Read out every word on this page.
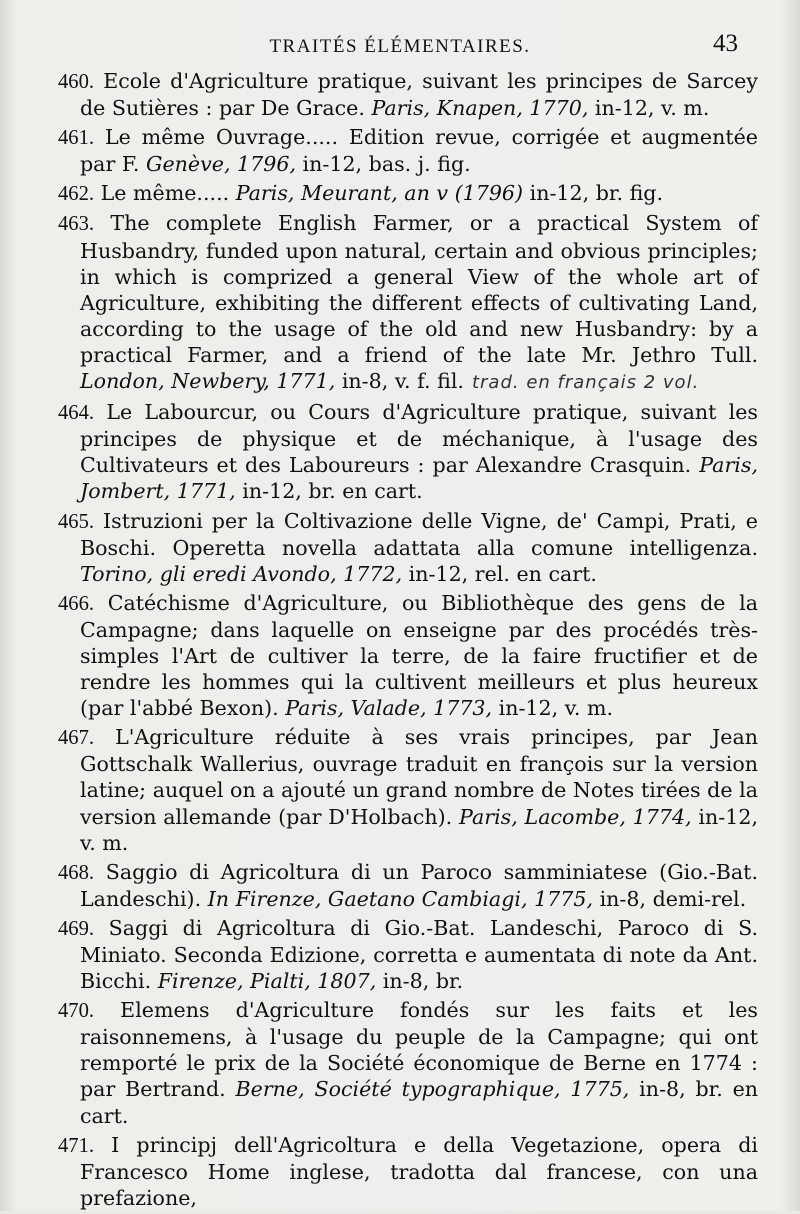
TRAITÉS ÉLÉMENTAIRES.	43

460. Ecole d'Agriculture pratique, suivant les principes de Sarcey de Sutières : par De Grace. Paris, Knapen, 1770, in-12, v. m.

461. Le même Ouvrage..... Edition revue, corrigée et augmentée par F. Genève, 1796, in-12, bas. j. fig.

462. Le même..... Paris, Meurant, an v (1796) in-12, br. fig.

463. The complete English Farmer, or a practical System of Husbandry, funded upon natural, certain and obvious principles; in which is comprized a general View of the whole art of Agriculture, exhibiting the different effects of cultivating Land, according to the usage of the old and new Husbandry: by a practical Farmer, and a friend of the late Mr. Jethro Tull. London, Newbery, 1771, in-8, v. f. fil. trad. en français 2 vol.

464. Le Labourcur, ou Cours d'Agriculture pratique, suivant les principes de physique et de méchanique, à l'usage des Cultivateurs et des Laboureurs : par Alexandre Crasquin. Paris, Jombert, 1771, in-12, br. en cart.

465. Istruzioni per la Coltivazione delle Vigne, de' Campi, Prati, e Boschi. Operetta novella adattata alla comune intelligenza. Torino, gli eredi Avondo, 1772, in-12, rel. en cart.

466. Catéchisme d'Agriculture, ou Bibliothèque des gens de la Campagne; dans laquelle on enseigne par des procédés très-simples l'Art de cultiver la terre, de la faire fructifier et de rendre les hommes qui la cultivent meilleurs et plus heureux (par l'abbé Bexon). Paris, Valade, 1773, in-12, v. m.

467. L'Agriculture réduite à ses vrais principes, par Jean Gottschalk Wallerius, ouvrage traduit en françois sur la version latine; auquel on a ajouté un grand nombre de Notes tirées de la version allemande (par D'Holbach). Paris, Lacombe, 1774, in-12, v. m.

468. Saggio di Agricoltura di un Paroco samminiatese (Gio.-Bat. Landeschi). In Firenze, Gaetano Cambiagi, 1775, in-8, demi-rel.

469. Saggi di Agricoltura di Gio.-Bat. Landeschi, Paroco di S. Miniato. Seconda Edizione, corretta e aumentata di note da Ant. Bicchi. Firenze, Pialti, 1807, in-8, br.

470. Elemens d'Agriculture fondés sur les faits et les raisonnemens, à l'usage du peuple de la Campagne; qui ont remporté le prix de la Société économique de Berne en 1774 : par Bertrand. Berne, Société typographique, 1775, in-8, br. en cart.

471. I principj dell'Agricoltura e della Vegetazione, opera di Francesco Home inglese, tradotta dal francese, con una prefazione,
